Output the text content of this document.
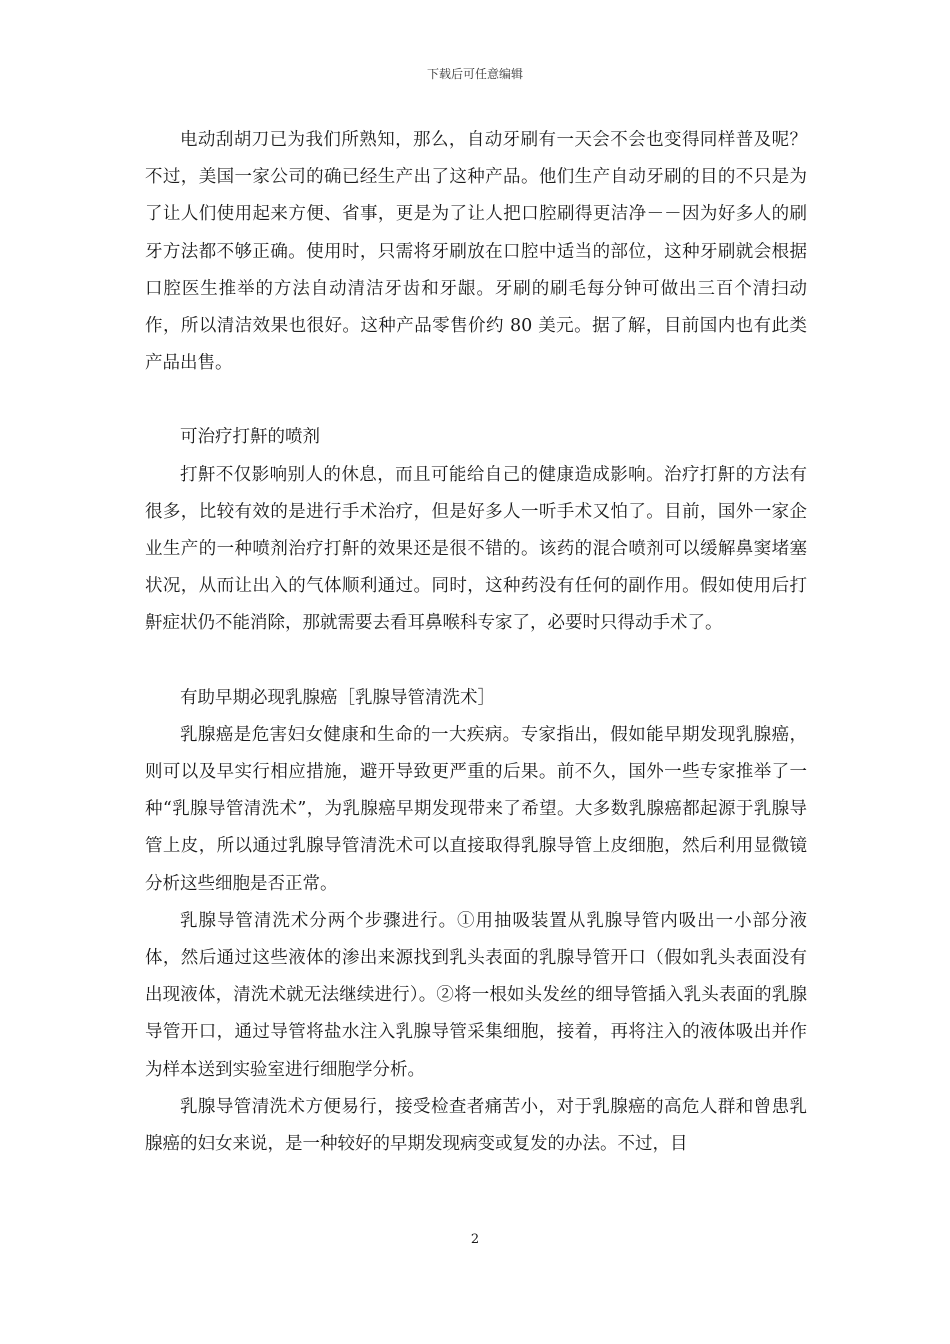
下载后可任意编辑

电动刮胡刀已为我们所熟知，那么，自动牙刷有一天会不会也变得同样普及呢？不过，美国一家公司的确已经生产出了这种产品。他们生产自动牙刷的目的不只是为了让人们使用起来方便、省事，更是为了让人把口腔刷得更洁净－－因为好多人的刷牙方法都不够正确。使用时，只需将牙刷放在口腔中适当的部位，这种牙刷就会根据口腔医生推举的方法自动清洁牙齿和牙龈。牙刷的刷毛每分钟可做出三百个清扫动作，所以清洁效果也很好。这种产品零售价约 80 美元。据了解，目前国内也有此类产品出售。

可治疗打鼾的喷剂

打鼾不仅影响别人的休息，而且可能给自己的健康造成影响。治疗打鼾的方法有很多，比较有效的是进行手术治疗，但是好多人一听手术又怕了。目前，国外一家企业生产的一种喷剂治疗打鼾的效果还是很不错的。该药的混合喷剂可以缓解鼻窦堵塞状况，从而让出入的气体顺利通过。同时，这种药没有任何的副作用。假如使用后打鼾症状仍不能消除，那就需要去看耳鼻喉科专家了，必要时只得动手术了。

有助早期必现乳腺癌［乳腺导管清洗术］

乳腺癌是危害妇女健康和生命的一大疾病。专家指出，假如能早期发现乳腺癌，则可以及早实行相应措施，避开导致更严重的后果。前不久，国外一些专家推举了一种“乳腺导管清洗术”，为乳腺癌早期发现带来了希望。大多数乳腺癌都起源于乳腺导管上皮，所以通过乳腺导管清洗术可以直接取得乳腺导管上皮细胞，然后利用显微镜分析这些细胞是否正常。

乳腺导管清洗术分两个步骤进行。①用抽吸装置从乳腺导管内吸出一小部分液体，然后通过这些液体的渗出来源找到乳头表面的乳腺导管开口（假如乳头表面没有出现液体，清洗术就无法继续进行）。②将一根如头发丝的细导管插入乳头表面的乳腺导管开口，通过导管将盐水注入乳腺导管采集细胞，接着，再将注入的液体吸出并作为样本送到实验室进行细胞学分析。

乳腺导管清洗术方便易行，接受检查者痛苦小，对于乳腺癌的高危人群和曾患乳腺癌的妇女来说，是一种较好的早期发现病变或复发的办法。不过，目

2
